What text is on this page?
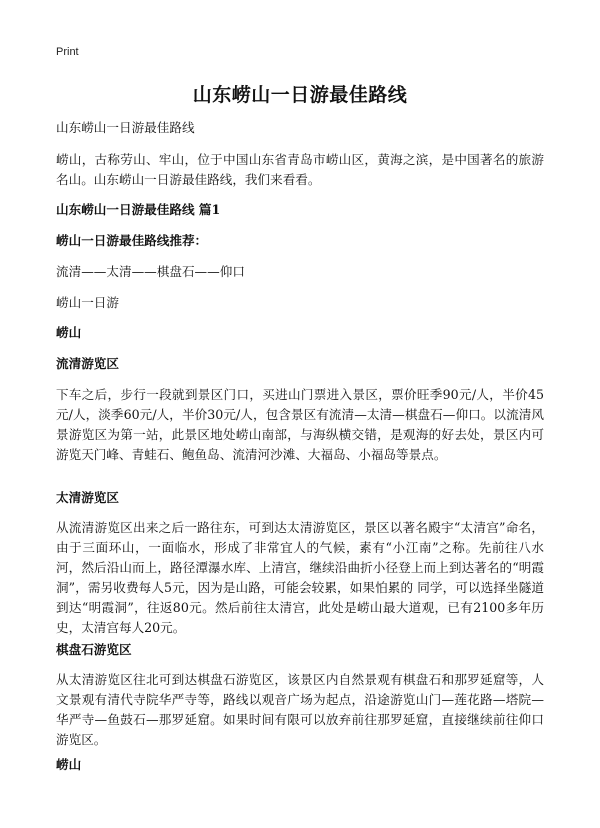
Print
山东崂山一日游最佳路线

山东崂山一日游最佳路线

崂山，古称劳山、牢山，位于中国山东省青岛市崂山区，黄海之滨，是中国著名的旅游名山。山东崂山一日游最佳路线，我们来看看。

山东崂山一日游最佳路线 篇1

崂山一日游最佳路线推荐：

流清——太清——棋盘石——仰口

崂山一日游

崂山

流清游览区

下车之后，步行一段就到景区门口，买进山门票进入景区，票价旺季90元/人，半价45元/人，淡季60元/人，半价30元/人，包含景区有流清—太清—棋盘石—仰口。以流清风景游览区为第一站，此景区地处崂山南部，与海纵横交错，是观海的好去处，景区内可游览天门峰、青蛙石、鲍鱼岛、流清河沙滩、大福岛、小福岛等景点。

太清游览区

从流清游览区出来之后一路往东，可到达太清游览区，景区以著名殿宇“太清宫”命名，由于三面环山，一面临水，形成了非常宜人的气候，素有“小江南”之称。先前往八水河，然后沿山而上，路径潭瀑水库、上清宫，继续沿曲折小径登上而上到达著名的“明霞洞”，需另收费每人5元，因为是山路，可能会较累，如果怕累的 同学，可以选择坐隧道到达“明霞洞”，往返80元。然后前往太清宫，此处是崂山最大道观，已有2100多年历史，太清宫每人20元。

棋盘石游览区

从太清游览区往北可到达棋盘石游览区，该景区内自然景观有棋盘石和那罗延窟等，人文景观有清代寺院华严寺等，路线以观音广场为起点，沿途游览山门—莲花路—塔院—华严寺—鱼鼓石—那罗延窟。如果时间有限可以放弃前往那罗延窟，直接继续前往仰口游览区。

崂山
